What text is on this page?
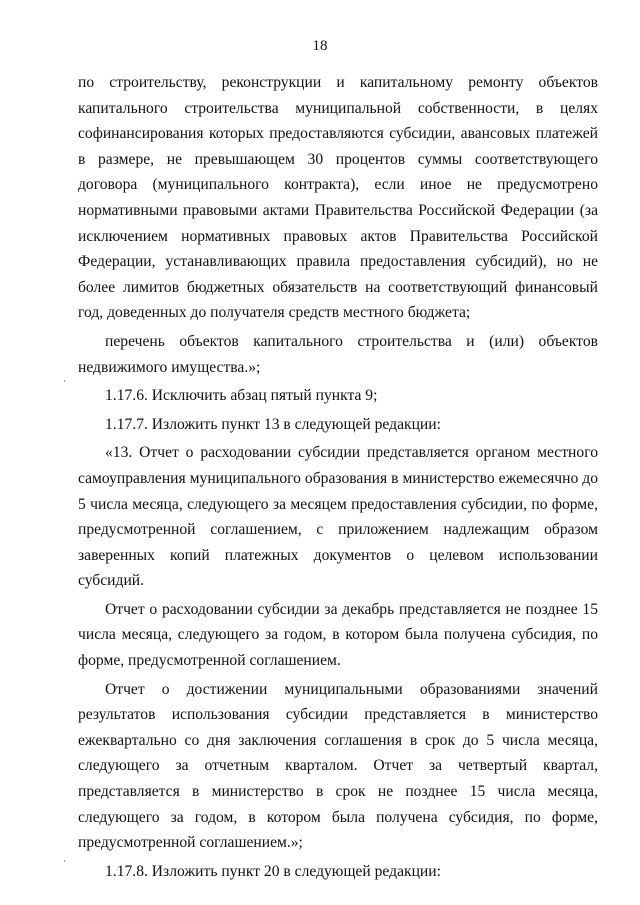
18

по строительству, реконструкции и капитальному ремонту объектов капитального строительства муниципальной собственности, в целях софинансирования которых предоставляются субсидии, авансовых платежей в размере, не превышающем 30 процентов суммы соответствующего договора (муниципального контракта), если иное не предусмотрено нормативными правовыми актами Правительства Российской Федерации (за исключением нормативных правовых актов Правительства Российской Федерации, устанавливающих правила предоставления субсидий), но не более лимитов бюджетных обязательств на соответствующий финансовый год, доведенных до получателя средств местного бюджета;

перечень объектов капитального строительства и (или) объектов недвижимого имущества.»;

1.17.6. Исключить абзац пятый пункта 9;

1.17.7. Изложить пункт 13 в следующей редакции:

«13. Отчет о расходовании субсидии представляется органом местного самоуправления муниципального образования в министерство ежемесячно до 5 числа месяца, следующего за месяцем предоставления субсидии, по форме, предусмотренной соглашением, с приложением надлежащим образом заверенных копий платежных документов о целевом использовании субсидий.

Отчет о расходовании субсидии за декабрь представляется не позднее 15 числа месяца, следующего за годом, в котором была получена субсидия, по форме, предусмотренной соглашением.

Отчет о достижении муниципальными образованиями значений результатов использования субсидии представляется в министерство ежеквартально со дня заключения соглашения в срок до 5 числа месяца, следующего за отчетным кварталом. Отчет за четвертый квартал, представляется в министерство в срок не позднее 15 числа месяца, следующего за годом, в котором была получена субсидия, по форме, предусмотренной соглашением.»;

1.17.8. Изложить пункт 20 в следующей редакции:
